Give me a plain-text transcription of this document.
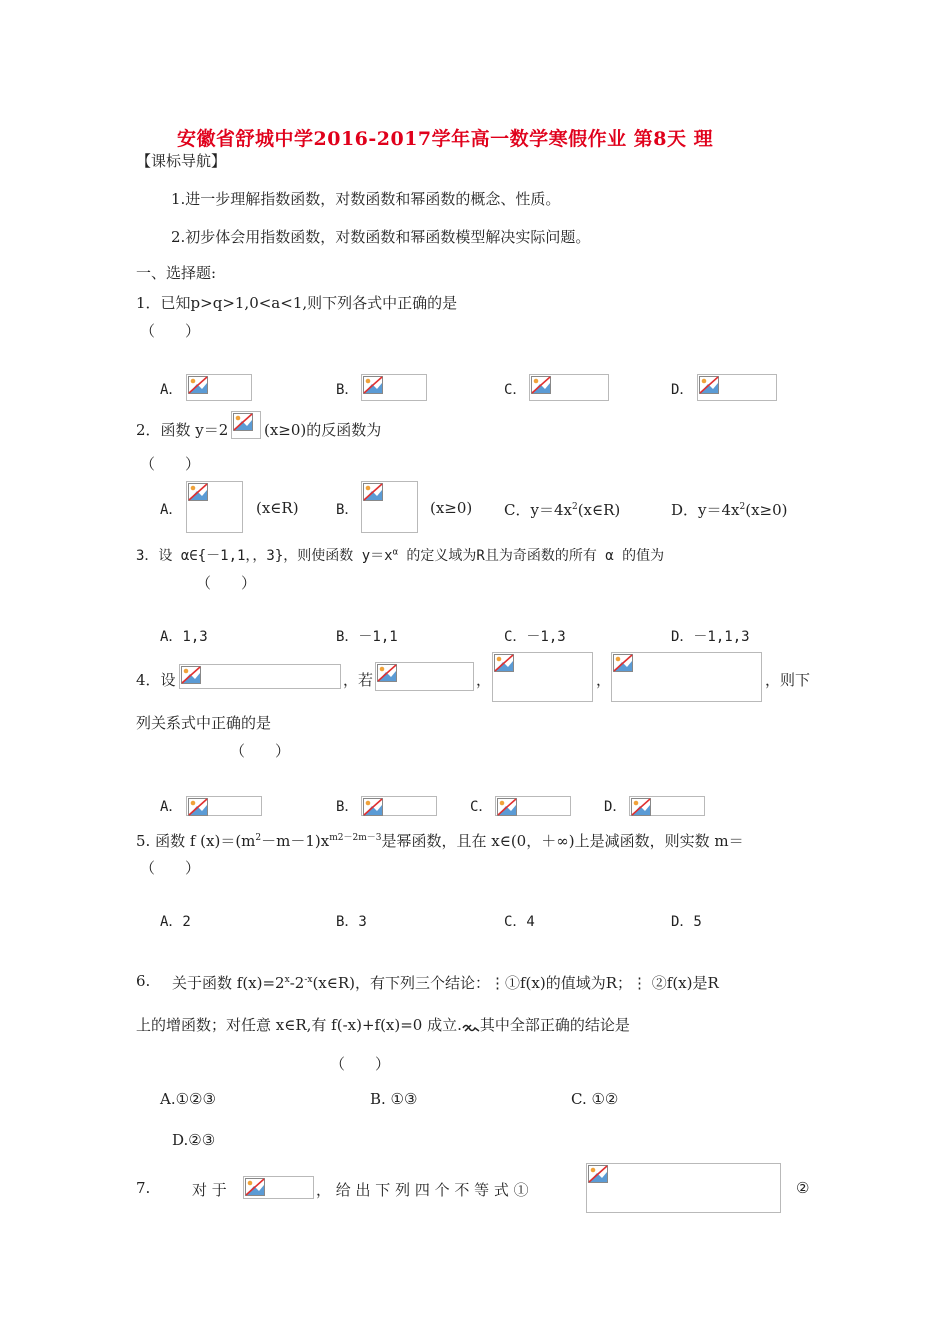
安徽省舒城中学2016-2017学年高一数学寒假作业 第8天 理
【课标导航】
1.进一步理解指数函数，对数函数和幂函数的概念、性质。
2.初步体会用指数函数，对数函数和幂函数模型解决实际问题。
一、选择题:
1．已知p>q>1,0<a<1,则下列各式中正确的是
（　　）
A．	B．	C．	D．
2．函数 y＝2 (x≥0)的反函数为
（　　）
A．	(x∈R)	B．	(x≥0) C．$y=4x^2(x\in R)$	D．$y=4x^2(x\ge 0)$
3．设 α∈{－1,1，，3}，则使函数 $y=x^\alpha$ 的定义域为R且为奇函数的所有 α 的值为
（　　）
A．1,3	B．－1,1	C．－1,3	D．－1,1,3
4．设	，若	，	，	，则下
列关系式中正确的是
（　　）
A．	B．	C．	D．
5. 函数 f $(x)=(m^2-m-1)x^{m2-2m-3}$是幂函数，且在 x∈(0，＋∞)上是减函数，则实数 m＝
（　　）
A．2	B．3	C．4	D．5
6. 关于函数 $f(x)=2^x-2^{-x}(x\in R)$，有下列三个结论：⋮①f(x)的值域为R；⋮ ②f(x)是R
上的增函数；对任意 x∈R,有 f(-x)+f(x)=0 成立. 其中全部正确的结论是
（　　）
A.①②③	B. ①③	C. ①②
D.②③
7.	对 于	， 给 出 下 列 四 个 不 等 式 ①	②
